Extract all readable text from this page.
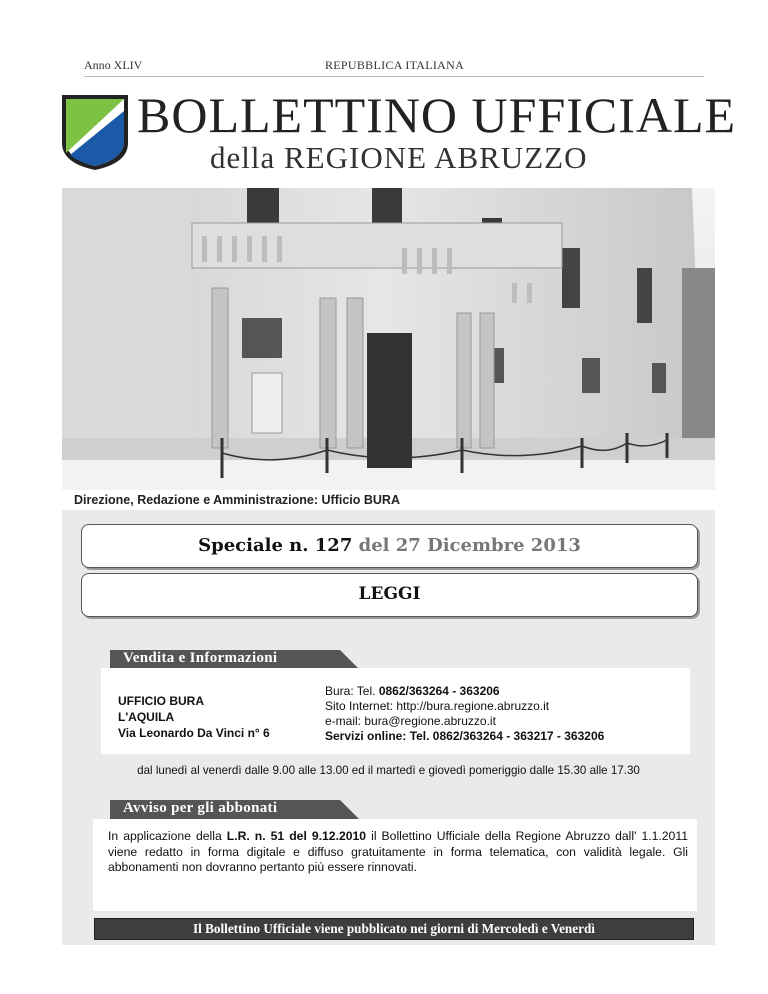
Anno XLIV	REPUBBLICA ITALIANA
BOLLETTINO UFFICIALE
della REGIONE ABRUZZO
Direzione, Redazione e Amministrazione: Ufficio BURA
Speciale n. 127 del 27 Dicembre 2013
LEGGI
Vendita e Informazioni
UFFICIO BURA
L'AQUILA
Via Leonardo Da Vinci n° 6
Bura: Tel. 0862/363264 - 363206
Sito Internet: http://bura.regione.abruzzo.it
e-mail: bura@regione.abruzzo.it
Servizi online: Tel. 0862/363264 - 363217 - 363206
dal lunedì al venerdì dalle 9.00 alle 13.00 ed il martedì e giovedì pomeriggio dalle 15.30 alle 17.30
Avviso per gli abbonati
In applicazione della L.R. n. 51 del 9.12.2010 il Bollettino Ufficiale della Regione Abruzzo dall' 1.1.2011 viene redatto in forma digitale e diffuso gratuitamente in forma telematica, con validità legale. Gli abbonamenti non dovranno pertanto più essere rinnovati.
Il Bollettino Ufficiale viene pubblicato nei giorni di Mercoledì e Venerdì
